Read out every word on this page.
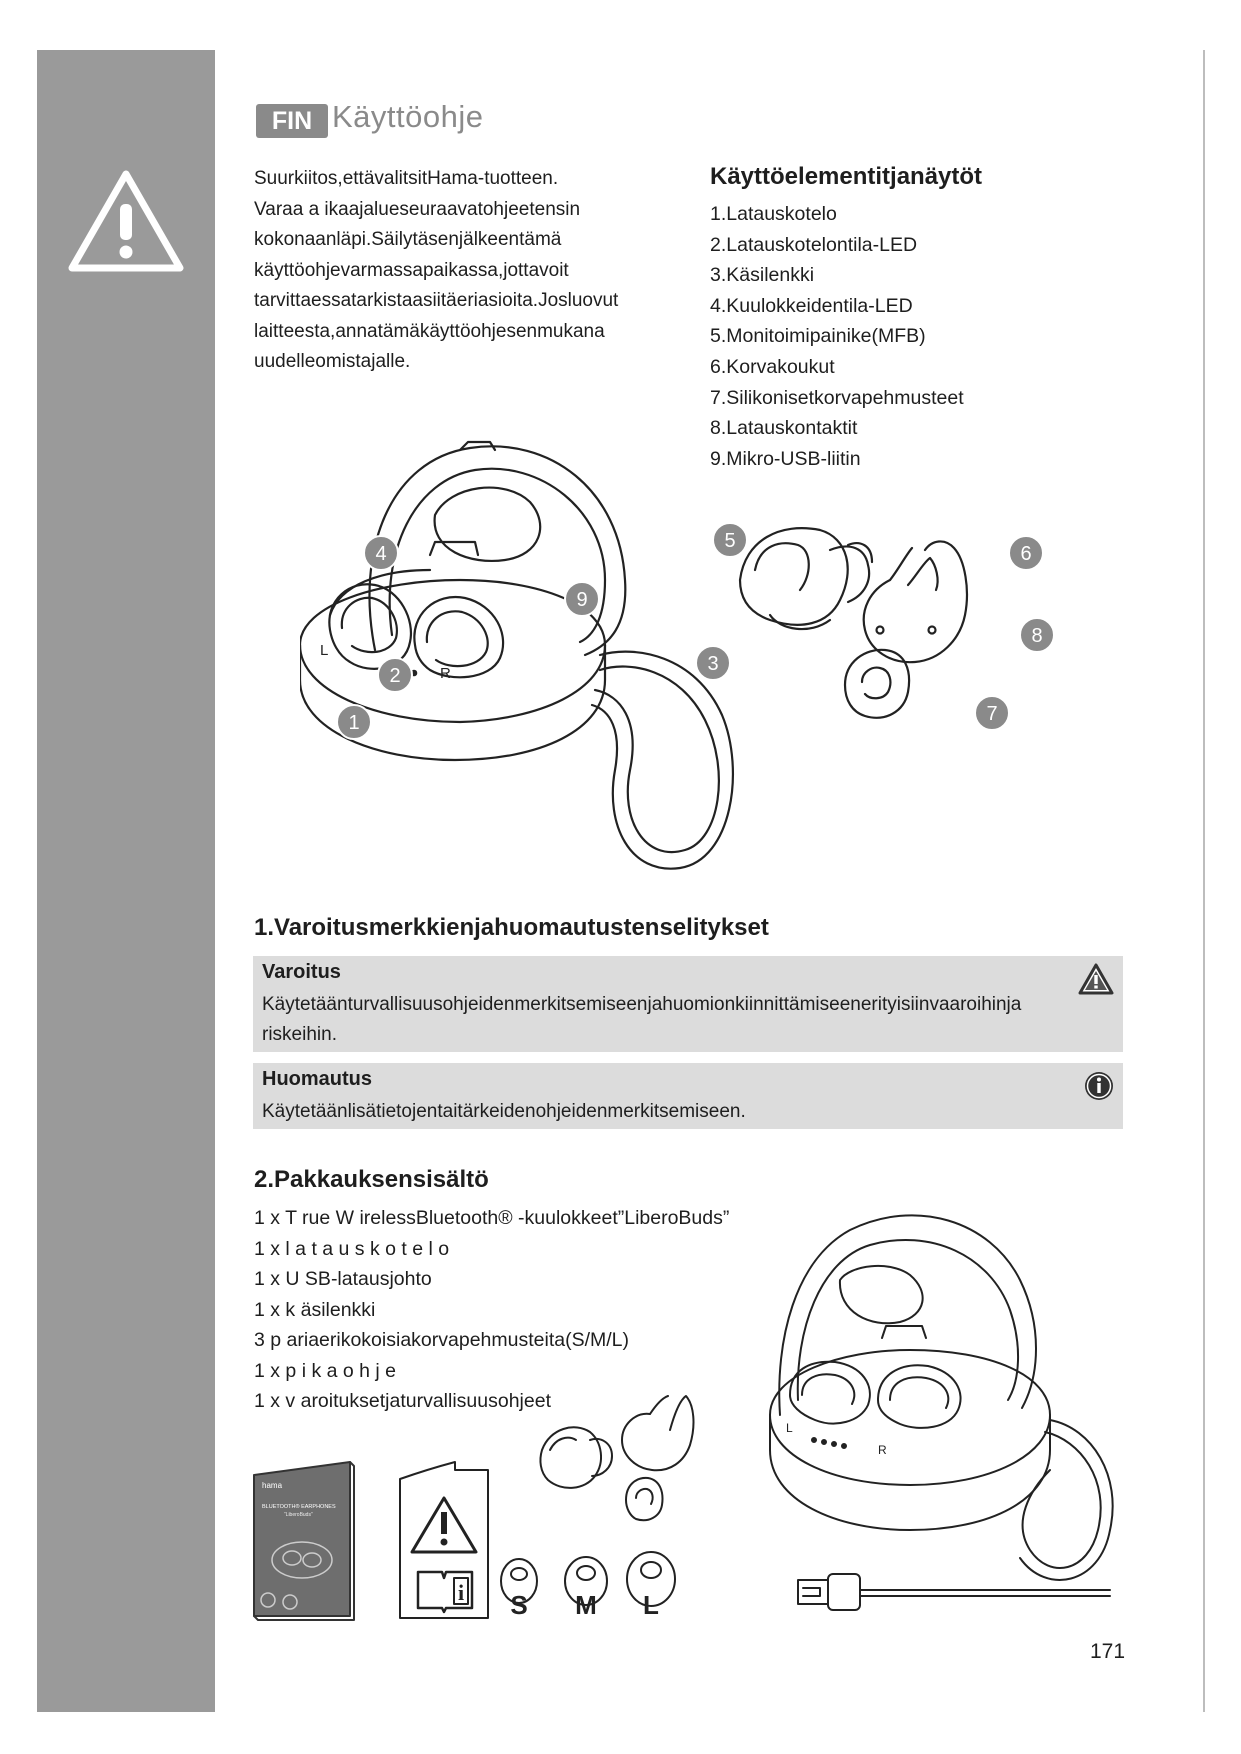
FIN Käyttöohje
Suurkiitos,ettävalitsitHama-tuotteen.
Varaa a ikaajalueseuraavatohjeetensin
kokonaanläpi.Säilytäsenjälkeentämä
käyttöohjevarmassapaikassa,jottavoit
tarvittaessatarkistaasiitäeriasioita.Josluovut
laitteesta,annatämäkäyttöohjesenmukana
uudelleomistajalle.
Käyttöelementitjanäytöt
1.Latauskotelo
2.Latauskotelontila-LED
3.Käsilenkki
4.Kuulokkeidentila-LED
5.Monitoimipainike(MFB)
6.Korvakoukut
7.Silikonisetkorvapehmusteet
8.Latauskontaktit
9.Mikro-USB-liitin
L
R
1
2
3
4
5
6
7
8
9
1.Varoitusmerkkienjahuomautustenselitykset
Varoitus
Käytetäänturvallisuusohjeidenmerkitsemiseenjahuomionkiinnittämiseenerityisiinvaaroihinja riskeihin.
Huomautus
Käytetäänlisätietojentaitärkeidenohjeidenmerkitsemiseen.
2.Pakkauksensisältö
1 x T rue W irelessBluetooth® -kuulokkeet”LiberoBuds”
1 x l a t a u s k o t e l o
1 x U SB-latausjohto
1 x k äsilenkki
3 p ariaerikokoisiakorvapehmusteita(S/M/L)
1 x p i k a o h j e
1 x v aroituksetjaturvallisuusohjeet
hama
BLUETOOTH® EARPHONES
“LiberoBuds”
i S M L
L
R
171
